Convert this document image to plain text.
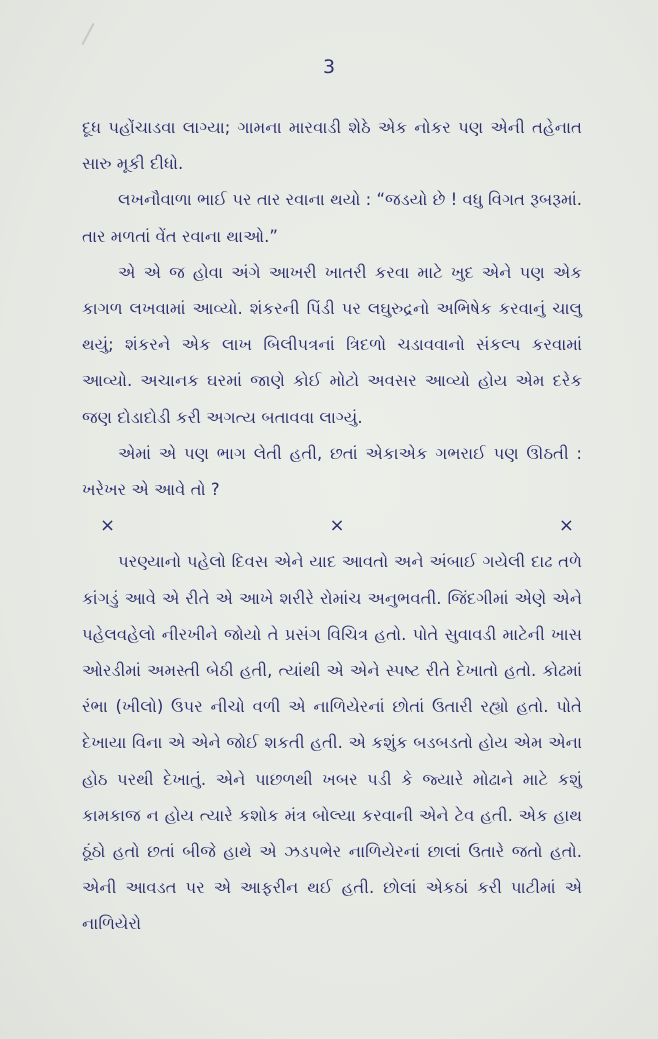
3

દૂધ પહોંચાડવા લાગ્યા; ગામના મારવાડી શેઠે એક નોકર પણ એની તહેનાત સારુ મૂકી દીધો.

લખનૌવાળા ભાઈ પર તાર રવાના થયો : “જડયો છે ! વધુ વિગત રૂબરૂમાં. તાર મળતાં વેંત રવાના થાઓ.”

એ એ જ હોવા અંગે આખરી ખાતરી કરવા માટે ખુદ એને પણ એક કાગળ લખવામાં આવ્યો. શંકરની પિંડી પર લઘુરુદ્રનો અભિષેક કરવાનું ચાલુ થયું; શંકરને એક લાખ બિલીપત્રનાં ત્રિદળો ચડાવવાનો સંકલ્પ કરવામાં આવ્યો. અચાનક ઘરમાં જાણે કોઈ મોટો અવસર આવ્યો હોય એમ દરેક જણ દોડાદોડી કરી અગત્ય બતાવવા લાગ્યું.

એમાં એ પણ ભાગ લેતી હતી, છતાં એકાએક ગભરાઈ પણ ઊઠતી : ખરેખર એ આવે તો ?

×	×	×

પરણ્યાનો પહેલો દિવસ એને યાદ આવતો અને અંબાઈ ગયેલી દાઢ તળે કાંગડું આવે એ રીતે એ આખે શરીરે રોમાંચ અનુભવતી. જિંદગીમાં એણે એને પહેલવહેલો નીરખીને જોયો તે પ્રસંગ વિચિત્ર હતો. પોતે સુવાવડી માટેની ખાસ ઓરડીમાં અમસ્તી બેઠી હતી, ત્યાંથી એ એને સ્પષ્ટ રીતે દેખાતો હતો. કોઢમાં રંભા (ખીલો) ઉપર નીચો વળી એ નાળિયેરનાં છોતાં ઉતારી રહ્યો હતો. પોતે દેખાયા વિના એ એને જોઈ શકતી હતી. એ કશુંક બડબડતો હોય એમ એના હોઠ પરથી દેખાતું. એને પાછળથી ખબર પડી કે જ્યારે મોઢાને માટે કશું કામકાજ ન હોય ત્યારે કશોક મંત્ર બોલ્યા કરવાની એને ટેવ હતી. એક હાથ ઠૂંઠો હતો છતાં બીજે હાથે એ ઝડપભેર નાળિયેરનાં છાલાં ઉતારે જતો હતો. એની આવડત પર એ આફરીન થઈ હતી. છોલાં એકઠાં કરી પાટીમાં એ નાળિયેરો
